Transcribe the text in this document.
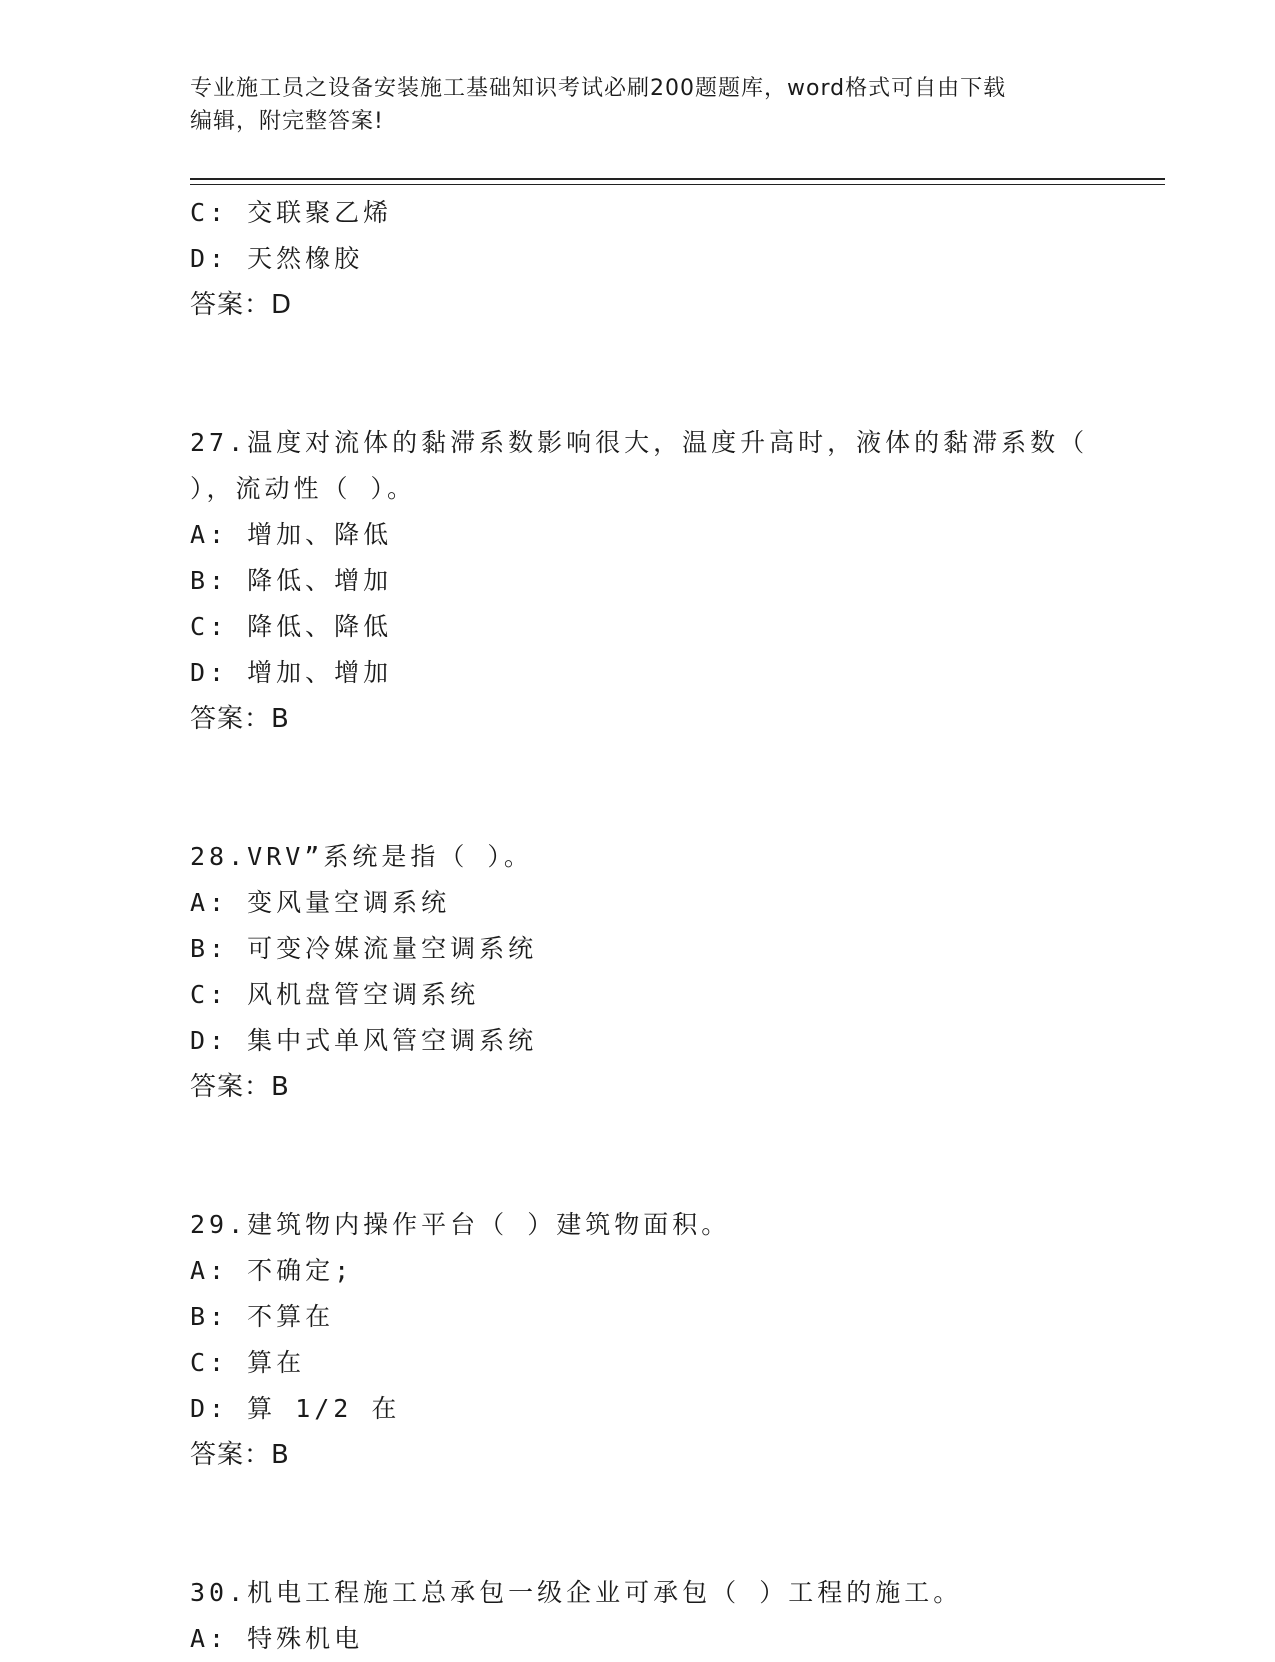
专业施工员之设备安装施工基础知识考试必刷200题题库，word格式可自由下载
编辑，附完整答案!
C: 交联聚乙烯
D: 天然橡胶
答案：D
27.温度对流体的黏滞系数影响很大，温度升高时，液体的黏滞系数（
），流动性（ ）。
A: 增加、降低
B: 降低、增加
C: 降低、降低
D: 增加、增加
答案：B
28.VRV”系统是指（ ）。
A: 变风量空调系统
B: 可变冷媒流量空调系统
C: 风机盘管空调系统
D: 集中式单风管空调系统
答案：B
29.建筑物内操作平台（ ）建筑物面积。
A: 不确定;
B: 不算在
C: 算在
D: 算 1/2 在
答案：B
30.机电工程施工总承包一级企业可承包（ ）工程的施工。
A: 特殊机电
